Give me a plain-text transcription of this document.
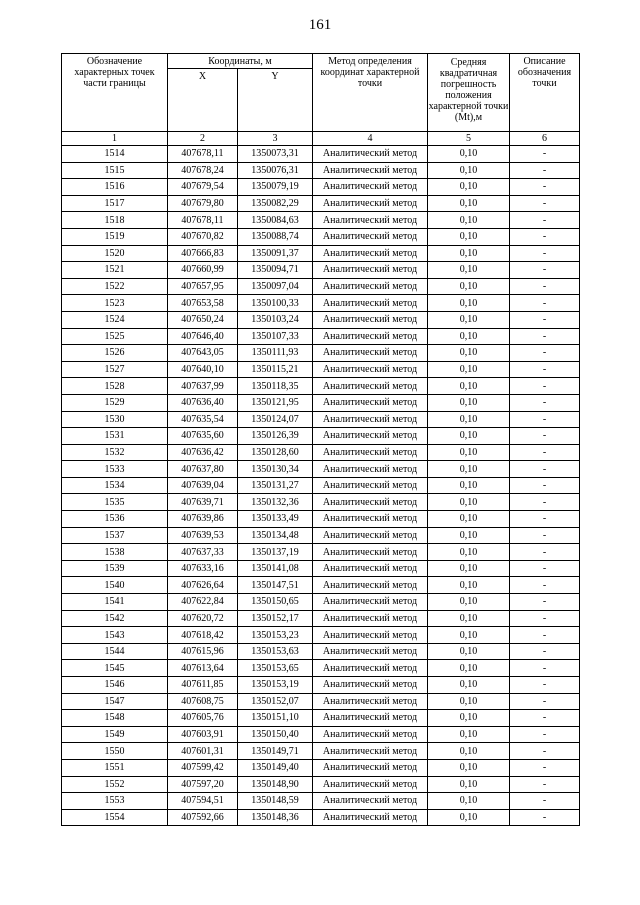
161
Обозначение характерных точек части границы	Координаты, м		Метод определения координат характерной точки	Средняя квадратичная погрешность положения характерной точки (Mt),м	Описание обозначения точки
	X	Y			
1	2	3	4	5	6
1514	407678,11	1350073,31	Аналитический метод	0,10	-
1515	407678,24	1350076,31	Аналитический метод	0,10	-
1516	407679,54	1350079,19	Аналитический метод	0,10	-
1517	407679,80	1350082,29	Аналитический метод	0,10	-
1518	407678,11	1350084,63	Аналитический метод	0,10	-
1519	407670,82	1350088,74	Аналитический метод	0,10	-
1520	407666,83	1350091,37	Аналитический метод	0,10	-
1521	407660,99	1350094,71	Аналитический метод	0,10	-
1522	407657,95	1350097,04	Аналитический метод	0,10	-
1523	407653,58	1350100,33	Аналитический метод	0,10	-
1524	407650,24	1350103,24	Аналитический метод	0,10	-
1525	407646,40	1350107,33	Аналитический метод	0,10	-
1526	407643,05	1350111,93	Аналитический метод	0,10	-
1527	407640,10	1350115,21	Аналитический метод	0,10	-
1528	407637,99	1350118,35	Аналитический метод	0,10	-
1529	407636,40	1350121,95	Аналитический метод	0,10	-
1530	407635,54	1350124,07	Аналитический метод	0,10	-
1531	407635,60	1350126,39	Аналитический метод	0,10	-
1532	407636,42	1350128,60	Аналитический метод	0,10	-
1533	407637,80	1350130,34	Аналитический метод	0,10	-
1534	407639,04	1350131,27	Аналитический метод	0,10	-
1535	407639,71	1350132,36	Аналитический метод	0,10	-
1536	407639,86	1350133,49	Аналитический метод	0,10	-
1537	407639,53	1350134,48	Аналитический метод	0,10	-
1538	407637,33	1350137,19	Аналитический метод	0,10	-
1539	407633,16	1350141,08	Аналитический метод	0,10	-
1540	407626,64	1350147,51	Аналитический метод	0,10	-
1541	407622,84	1350150,65	Аналитический метод	0,10	-
1542	407620,72	1350152,17	Аналитический метод	0,10	-
1543	407618,42	1350153,23	Аналитический метод	0,10	-
1544	407615,96	1350153,63	Аналитический метод	0,10	-
1545	407613,64	1350153,65	Аналитический метод	0,10	-
1546	407611,85	1350153,19	Аналитический метод	0,10	-
1547	407608,75	1350152,07	Аналитический метод	0,10	-
1548	407605,76	1350151,10	Аналитический метод	0,10	-
1549	407603,91	1350150,40	Аналитический метод	0,10	-
1550	407601,31	1350149,71	Аналитический метод	0,10	-
1551	407599,42	1350149,40	Аналитический метод	0,10	-
1552	407597,20	1350148,90	Аналитический метод	0,10	-
1553	407594,51	1350148,59	Аналитический метод	0,10	-
1554	407592,66	1350148,36	Аналитический метод	0,10	-
